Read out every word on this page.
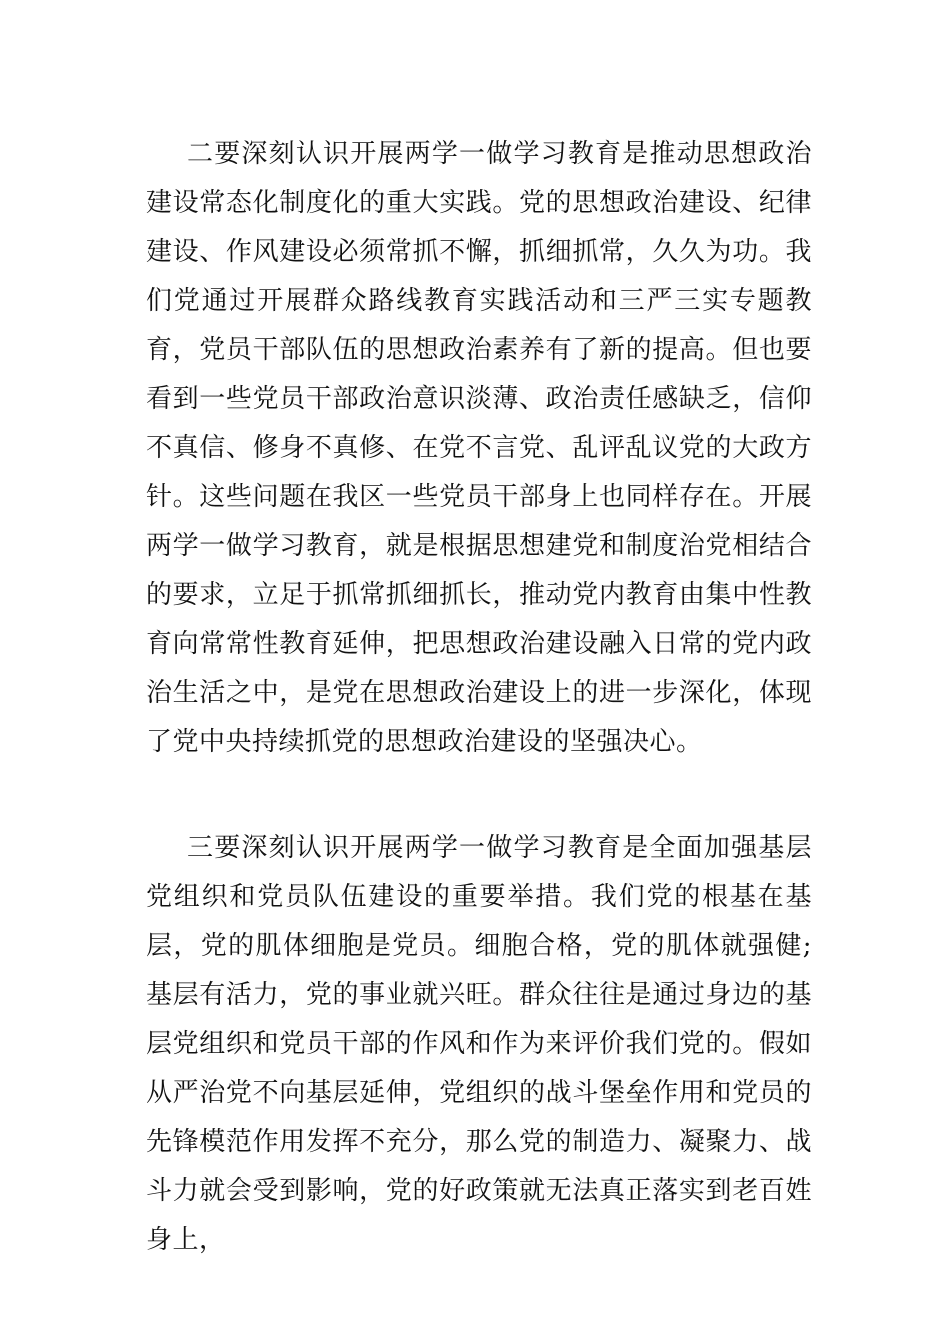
二要深刻认识开展两学一做学习教育是推动思想政治建设常态化制度化的重大实践。党的思想政治建设、纪律建设、作风建设必须常抓不懈，抓细抓常，久久为功。我们党通过开展群众路线教育实践活动和三严三实专题教育，党员干部队伍的思想政治素养有了新的提高。但也要看到一些党员干部政治意识淡薄、政治责任感缺乏，信仰不真信、修身不真修、在党不言党、乱评乱议党的大政方针。这些问题在我区一些党员干部身上也同样存在。开展两学一做学习教育，就是根据思想建党和制度治党相结合的要求，立足于抓常抓细抓长，推动党内教育由集中性教育向常常性教育延伸，把思想政治建设融入日常的党内政治生活之中，是党在思想政治建设上的进一步深化，体现了党中央持续抓党的思想政治建设的坚强决心。

三要深刻认识开展两学一做学习教育是全面加强基层党组织和党员队伍建设的重要举措。我们党的根基在基层，党的肌体细胞是党员。细胞合格，党的肌体就强健;基层有活力，党的事业就兴旺。群众往往是通过身边的基层党组织和党员干部的作风和作为来评价我们党的。假如从严治党不向基层延伸，党组织的战斗堡垒作用和党员的先锋模范作用发挥不充分，那么党的制造力、凝聚力、战斗力就会受到影响，党的好政策就无法真正落实到老百姓身上，
